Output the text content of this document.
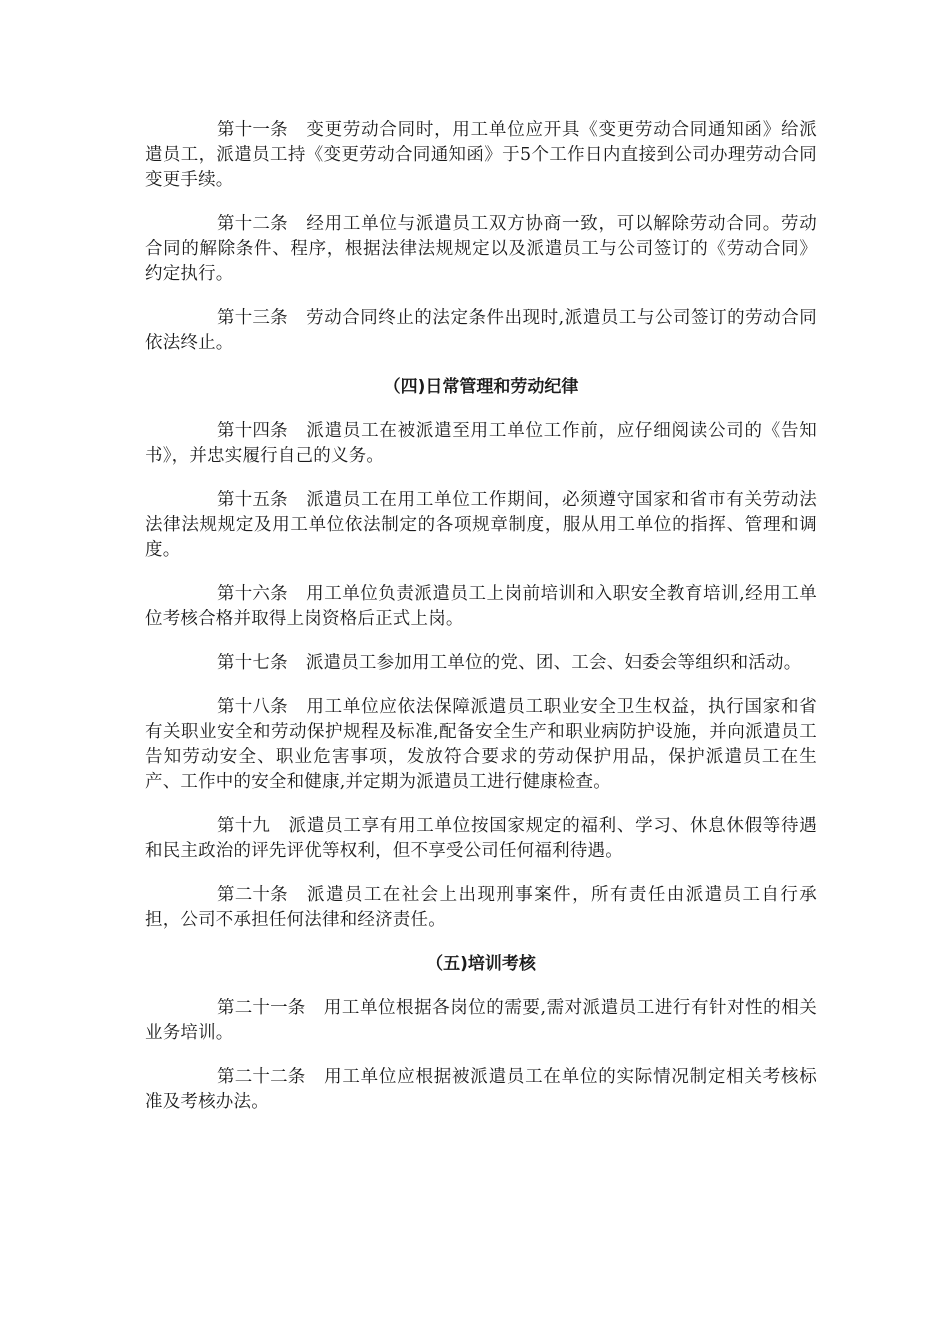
第十一条 变更劳动合同时，用工单位应开具《变更劳动合同通知函》给派遣员工，派遣员工持《变更劳动合同通知函》于5个工作日内直接到公司办理劳动合同变更手续。

第十二条 经用工单位与派遣员工双方协商一致，可以解除劳动合同。劳动合同的解除条件、程序，根据法律法规规定以及派遣员工与公司签订的《劳动合同》约定执行。

第十三条 劳动合同终止的法定条件出现时,派遣员工与公司签订的劳动合同依法终止。

（四)日常管理和劳动纪律

第十四条 派遣员工在被派遣至用工单位工作前，应仔细阅读公司的《告知书》，并忠实履行自己的义务。

第十五条 派遣员工在用工单位工作期间，必须遵守国家和省市有关劳动法法律法规规定及用工单位依法制定的各项规章制度，服从用工单位的指挥、管理和调度。

第十六条 用工单位负责派遣员工上岗前培训和入职安全教育培训,经用工单位考核合格并取得上岗资格后正式上岗。

第十七条 派遣员工参加用工单位的党、团、工会、妇委会等组织和活动。

第十八条 用工单位应依法保障派遣员工职业安全卫生权益，执行国家和省有关职业安全和劳动保护规程及标准,配备安全生产和职业病防护设施，并向派遣员工告知劳动安全、职业危害事项，发放符合要求的劳动保护用品，保护派遣员工在生产、工作中的安全和健康,并定期为派遣员工进行健康检查。

第十九 派遣员工享有用工单位按国家规定的福利、学习、休息休假等待遇和民主政治的评先评优等权利，但不享受公司任何福利待遇。

第二十条 派遣员工在社会上出现刑事案件，所有责任由派遣员工自行承担，公司不承担任何法律和经济责任。

（五)培训考核

第二十一条 用工单位根据各岗位的需要,需对派遣员工进行有针对性的相关业务培训。

第二十二条 用工单位应根据被派遣员工在单位的实际情况制定相关考核标准及考核办法。
